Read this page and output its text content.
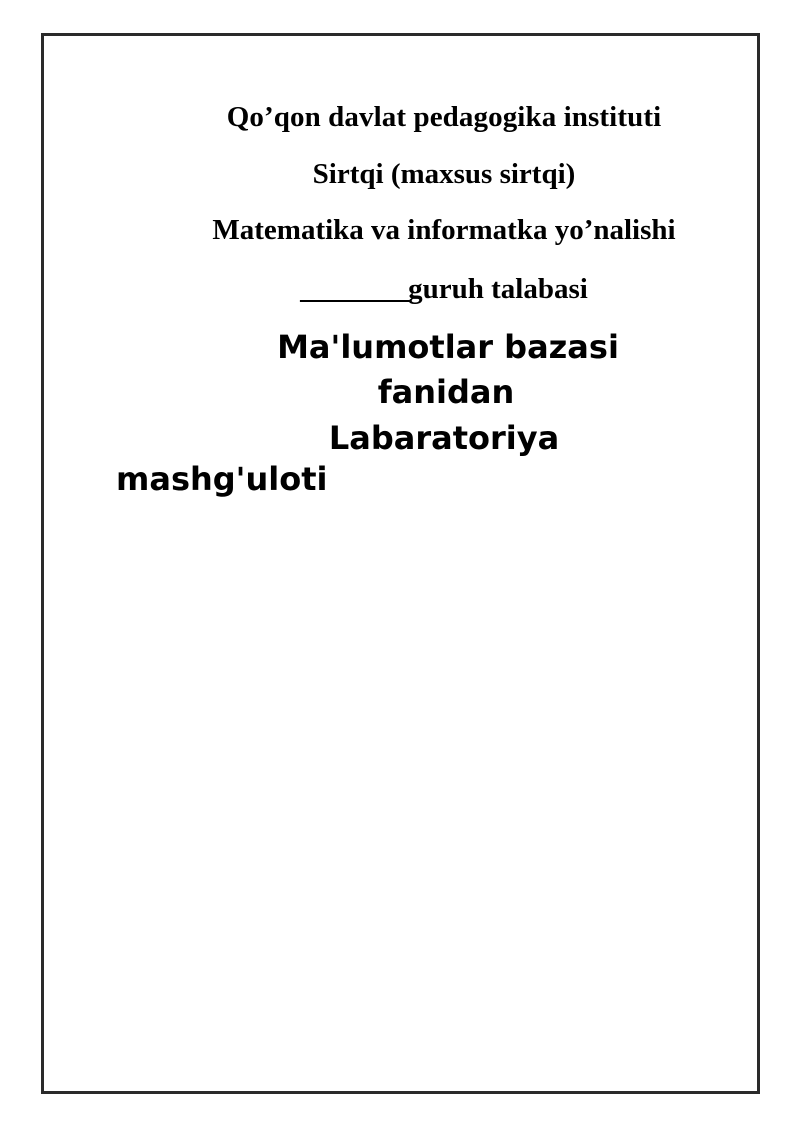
Qo’qon davlat pedagogika instituti
Sirtqi (maxsus sirtqi)
Matematika va informatka yo’nalishi
________guruh talabasi
Ma'lumotlar bazasi
fanidan
Labaratoriya
mashg'uloti
